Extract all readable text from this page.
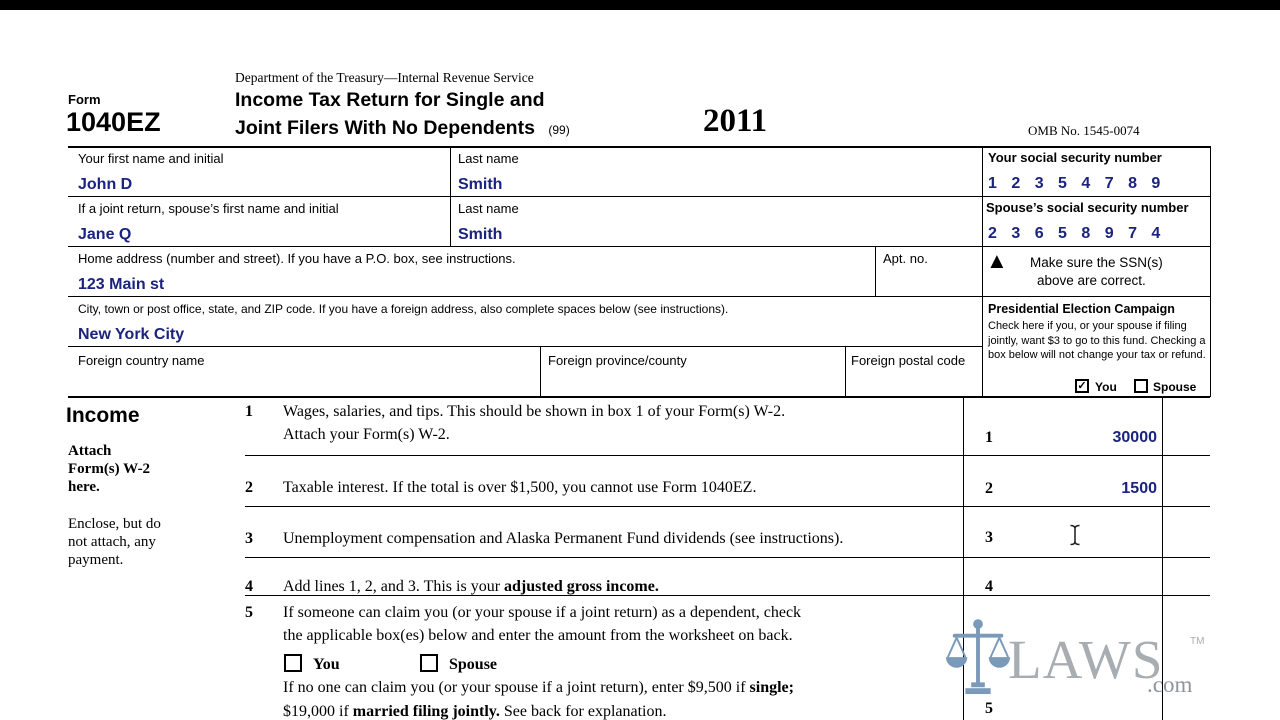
Form
1040EZ
Department of the Treasury—Internal Revenue Service
Income Tax Return for Single and
Joint Filers With No Dependents (99)	2011	OMB No. 1545-0074
Your first name and initial	Last name	Your social security number
John D	Smith	1 2 3 5 4 7 8 9
If a joint return, spouse’s first name and initial	Last name	Spouse’s social security number
Jane Q	Smith	2 3 6 5 8 9 7 4
Home address (number and street). If you have a P.O. box, see instructions.	Apt. no.
123 Main st
▲ Make sure the SSN(s)
above are correct.
City, town or post office, state, and ZIP code. If you have a foreign address, also complete spaces below (see instructions).
New York City
Foreign country name	Foreign province/county	Foreign postal code
Presidential Election Campaign
Check here if you, or your spouse if filing jointly, want $3 to go to this fund. Checking a box below will not change your tax or refund.
✓ You	Spouse
Income
Attach
Form(s) W-2
here.
Enclose, but do
not attach, any
payment.
1 Wages, salaries, and tips. This should be shown in box 1 of your Form(s) W-2.
Attach your Form(s) W-2.	1	30000
2 Taxable interest. If the total is over $1,500, you cannot use Form 1040EZ.	2	1500
3 Unemployment compensation and Alaska Permanent Fund dividends (see instructions).	3
4 Add lines 1, 2, and 3. This is your adjusted gross income.	4
5 If someone can claim you (or your spouse if a joint return) as a dependent, check
the applicable box(es) below and enter the amount from the worksheet on back.
You	Spouse
If no one can claim you (or your spouse if a joint return), enter $9,500 if single;
$19,000 if married filing jointly. See back for explanation.	5
LAWS	TM
.com
